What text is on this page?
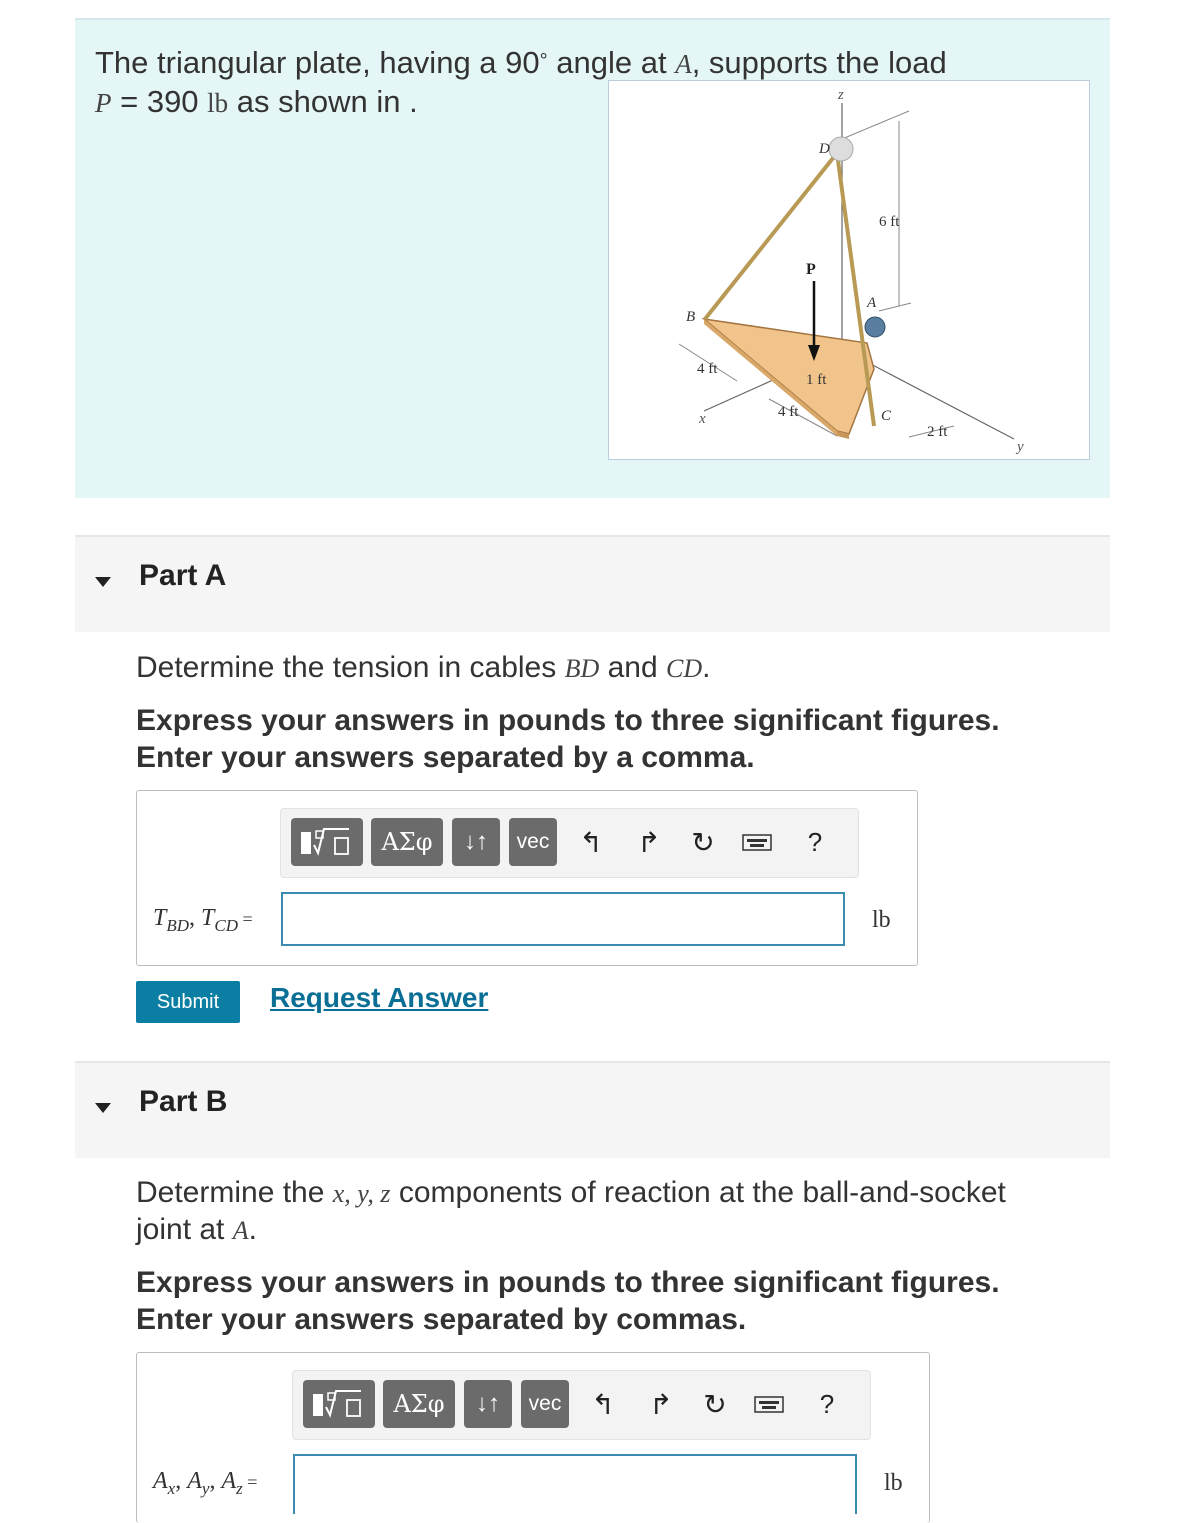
The triangular plate, having a 90° angle at A, supports the load
P = 390 lb as shown in .	z
D
6 ft
P
A
B
4 ft
1 ft
4 ft
x	C
2 ft
y
Part A
Determine the tension in cables BD and CD.
Express your answers in pounds to three significant figures.
Enter your answers separated by a comma.
ΑΣφ	↓↑	vec ↰ ↱ ↻	?
$T_{BD}$, $T_{CD}$ =	lb
Submit	Request Answer
Part B
Determine the x, y, z components of reaction at the ball-and-socket
joint at A.
Express your answers in pounds to three significant figures.
Enter your answers separated by commas.
ΑΣφ	↓↑	vec ↰ ↱ ↻	?
$A_x$, $A_y$, $A_z$ =	lb
